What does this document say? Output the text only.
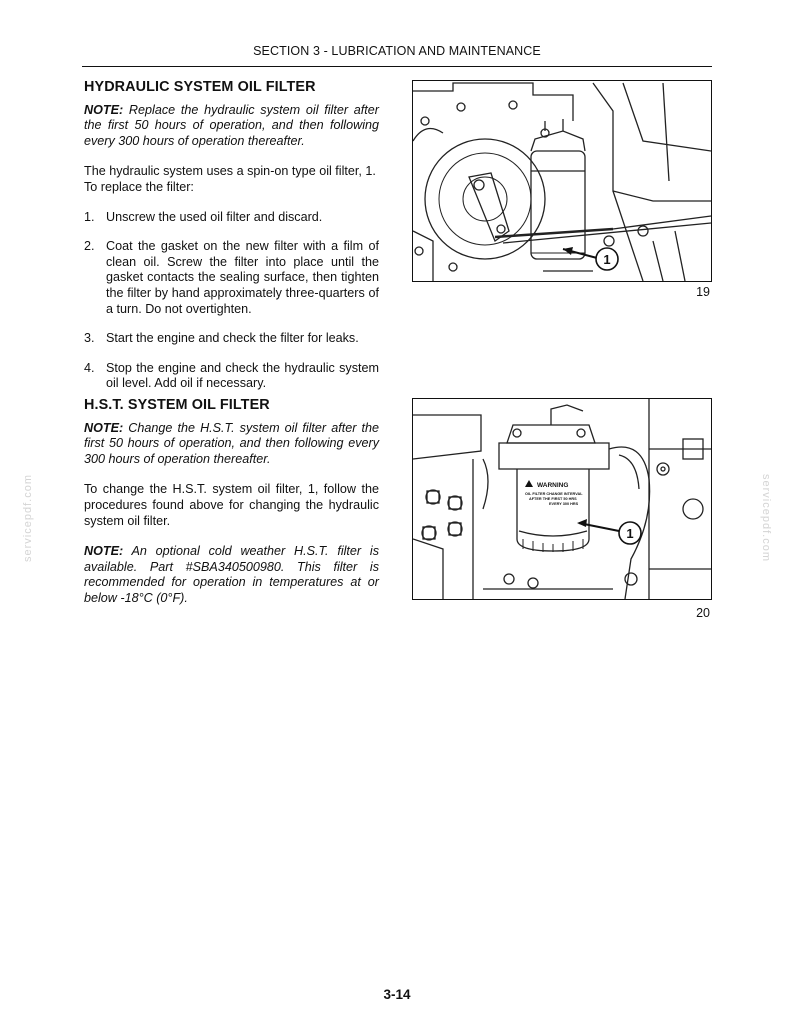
SECTION 3 - LUBRICATION AND MAINTENANCE
HYDRAULIC SYSTEM OIL FILTER

NOTE: Replace the hydraulic system oil filter after the first 50 hours of operation, and then following every 300 hours of operation thereafter.

The hydraulic system uses a spin-on type oil filter, 1. To replace the filter:

1. Unscrew the used oil filter and discard.
2. Coat the gasket on the new filter with a film of clean oil. Screw the filter into place until the gasket contacts the sealing surface, then tighten the filter by hand approximately three-quarters of a turn. Do not overtighten.
3. Start the engine and check the filter for leaks.
4. Stop the engine and check the hydraulic system oil level. Add oil if necessary.
H.S.T. SYSTEM OIL FILTER

NOTE: Change the H.S.T. system oil filter after the first 50 hours of operation, and then following every 300 hours of operation thereafter.

To change the H.S.T. system oil filter, 1, follow the procedures found above for changing the hydraulic system oil filter.

NOTE: An optional cold weather H.S.T. filter is available. Part #SBA340500980. This filter is recommended for operation in temperatures at or below -18°C (0°F).

1
19
WARNING
OIL FILTER CHANGE INTERVAL
AFTER THE FIRST 50 HRS
EVERY 300 HRS
1
20
servicepdf.com	servicepdf.com
3-14
